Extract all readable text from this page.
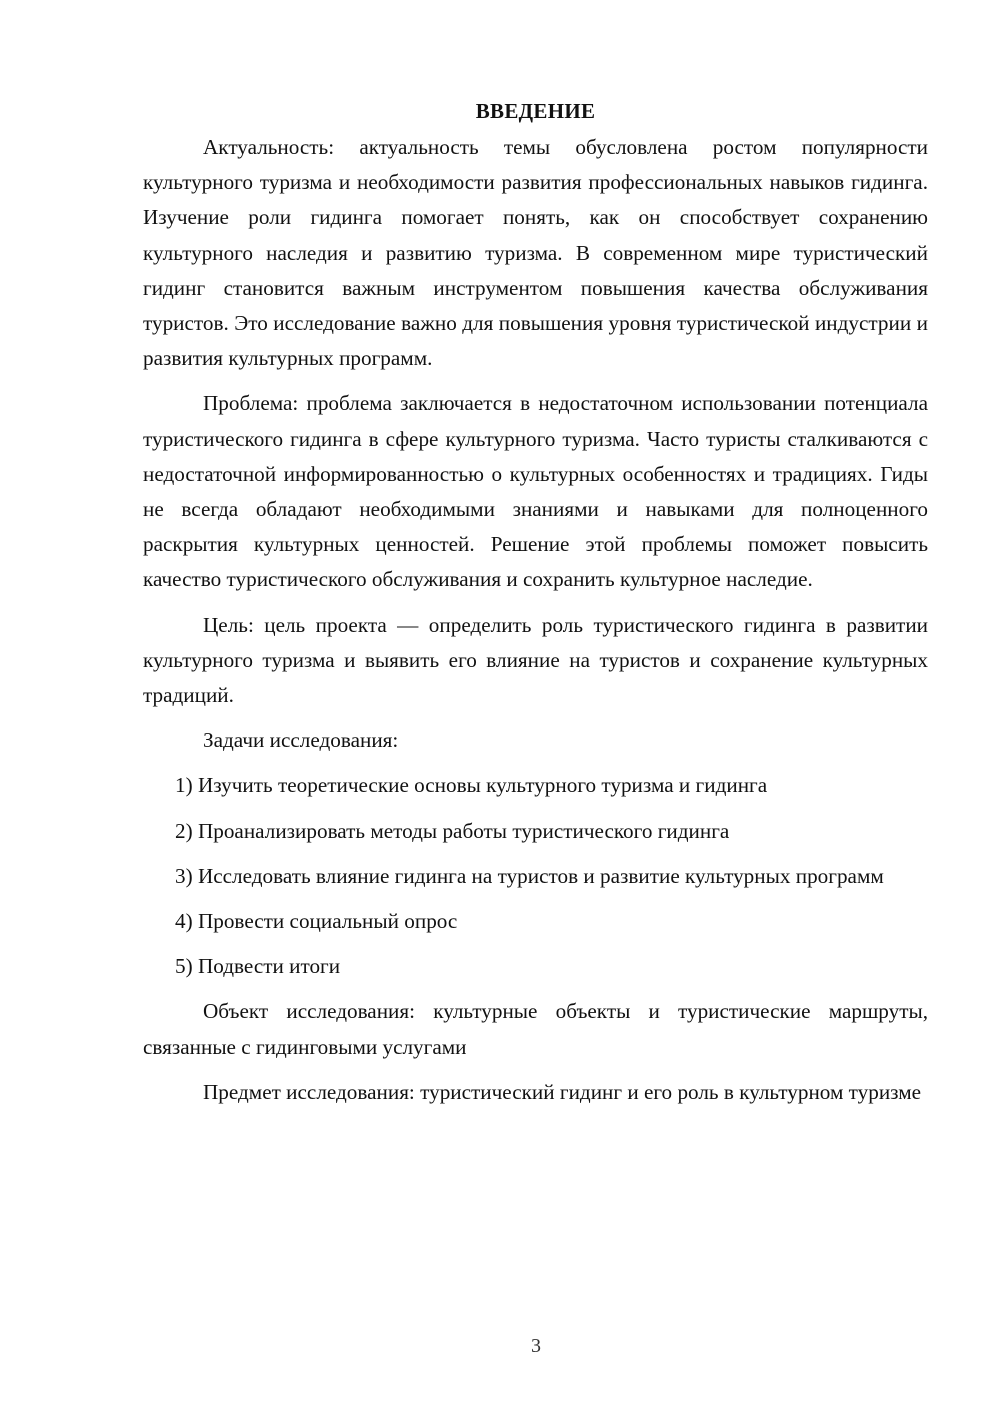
ВВЕДЕНИЕ

Актуальность: актуальность темы обусловлена ростом популярности культурного туризма и необходимости развития профессиональных навыков гидинга. Изучение роли гидинга помогает понять, как он способствует сохранению культурного наследия и развитию туризма. В современном мире туристический гидинг становится важным инструментом повышения качества обслуживания туристов. Это исследование важно для повышения уровня туристической индустрии и развития культурных программ.

Проблема: проблема заключается в недостаточном использовании потенциала туристического гидинга в сфере культурного туризма. Часто туристы сталкиваются с недостаточной информированностью о культурных особенностях и традициях. Гиды не всегда обладают необходимыми знаниями и навыками для полноценного раскрытия культурных ценностей. Решение этой проблемы поможет повысить качество туристического обслуживания и сохранить культурное наследие.

Цель: цель проекта — определить роль туристического гидинга в развитии культурного туризма и выявить его влияние на туристов и сохранение культурных традиций.

Задачи исследования:

1) Изучить теоретические основы культурного туризма и гидинга

2) Проанализировать методы работы туристического гидинга

3) Исследовать влияние гидинга на туристов и развитие культурных программ

4) Провести социальный опрос

5) Подвести итоги

Объект исследования: культурные объекты и туристические маршруты, связанные с гидинговыми услугами

Предмет исследования: туристический гидинг и его роль в культурном туризме

3
